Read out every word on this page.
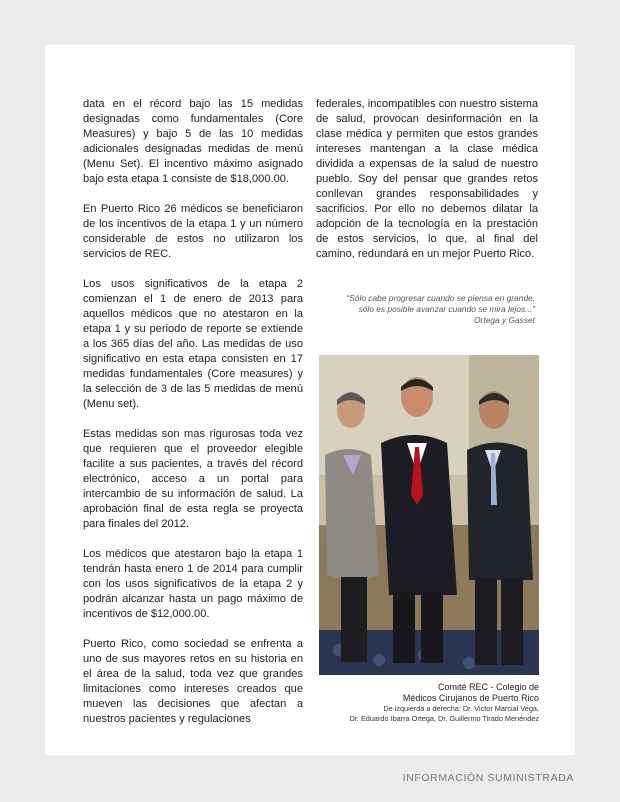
data en el récord bajo las 15 medidas designadas como fundamentales (Core Measures) y bajo 5 de las 10 medidas adicionales designadas medidas de menú (Menu Set). El incentivo máximo asignado bajo esta etapa 1 consiste de $18,000.00.

En Puerto Rico 26 médicos se beneficiaron de los incentivos de la etapa 1 y un número considerable de estos no utilizaron los servicios de REC.

Los usos significativos de la etapa 2 comienzan el 1 de enero de 2013 para aquellos médicos que no atestaron en la etapa 1 y su periodo de reporte se extiende a los 365 días del año. Las medidas de uso significativo en esta etapa consisten en 17 medidas fundamentales (Core measures) y la selección de 3 de las 5 medidas de menú (Menu set).

Estas medidas son mas rigurosas toda vez que requieren que el proveedor elegible facilite a sus pacientes, a través del récord electrónico, acceso a un portal para intercambio de su información de salud. La aprobación final de esta regla se proyecta para finales del 2012.

Los médicos que atestaron bajo la etapa 1 tendrán hasta enero 1 de 2014 para cumplir con los usos significativos de la etapa 2 y podrán alcanzar hasta un pago máximo de incentivos de $12,000.00.

Puerto Rico, como sociedad se enfrenta a uno de sus mayores retos en su historia en el área de la salud, toda vez que grandes limitaciones como intereses creados que mueven las decisiones que afectan a nuestros pacientes y regulaciones

federales, incompatibles con nuestro sistema de salud, provocan desinformación en la clase médica y permiten que estos grandes intereses mantengan a la clase médica dividida a expensas de la salud de nuestro pueblo. Soy del pensar que grandes retos conllevan grandes responsabilidades y sacrificios. Por ello no debemos dilatar la adopción de la tecnología en la prestación de estos servicios, lo que, al final del camino, redundará en un mejor Puerto Rico.

“Sólo cabe progresar cuando se piensa en grande,
sólo es posible avanzar cuando se mira lejos...”
Ortega y Gasset
Comité REC - Colegio de
Médicos Cirujanos de Puerto Rico
De izquierda a derecha: Dr. Victor Marcial Vega,
Dr. Eduardo Ibarra Ortega, Dr. Guillermo Tirado Menéndez
INFORMACIÓN SUMINISTRADA
